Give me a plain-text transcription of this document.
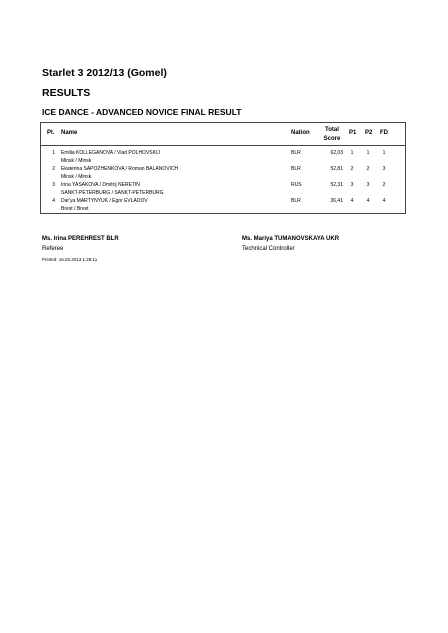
Starlet 3 2012/13 (Gomel)
RESULTS
ICE DANCE - ADVANCED NOVICE FINAL RESULT
Pl. Name	Nation	Total
Score
P1 P2 FD
1 Emilia KOLLEGANOVA / Vlad POLHOVSKIJ
Minsk / Minsk
BLR	62,03	1	1	1
2 Ekaterina SAPOZHENKOVA / Roman BALANOVICH
Minsk / Minsk
BLR	52,81	2	2	3
3 Irina YASAKOVA / Dmitrij NERETIN
SANKT-PETERBURG / SANKT-PETERBURG
RUS	52,31	3	3	2
4 Dar'ya MARTYNYUK / Egor EVLADOV
Brest / Brest
BLR	36,41	4	4	4
Ms. Irina PEREHREST BLR
Referee
Ms. Mariya TUMANOVSKAYA UKR
Technical Controller
Printed: 16.03.2013 1:28:11
